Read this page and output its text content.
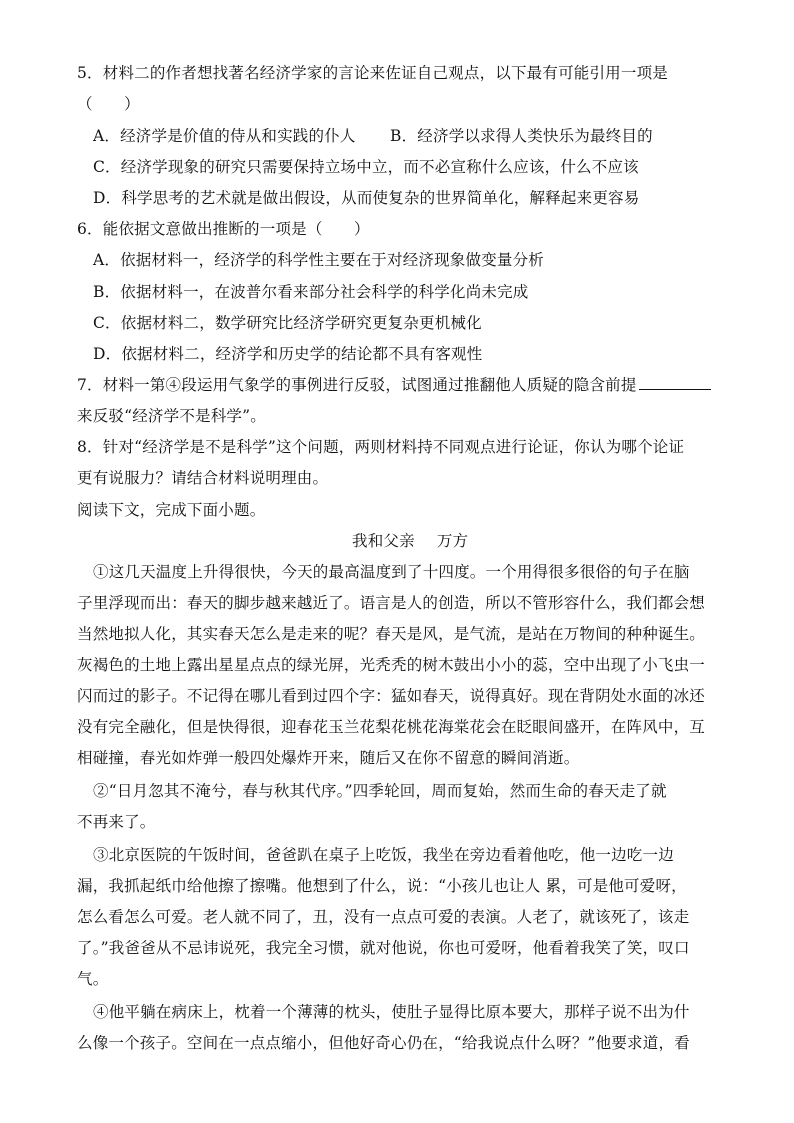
5．材料二的作者想找著名经济学家的言论来佐证自己观点，以下最有可能引用一项是
（　　）
A．经济学是价值的侍从和实践的仆人 B．经济学以求得人类快乐为最终目的
C．经济学现象的研究只需要保持立场中立，而不必宣称什么应该，什么不应该
D．科学思考的艺术就是做出假设，从而使复杂的世界简单化，解释起来更容易
6．能依据文意做出推断的一项是（　　）
A．依据材料一，经济学的科学性主要在于对经济现象做变量分析
B．依据材料一，在波普尔看来部分社会科学的科学化尚未完成
C．依据材料二，数学研究比经济学研究更复杂更机械化
D．依据材料二，经济学和历史学的结论都不具有客观性
7．材料一第④段运用气象学的事例进行反驳，试图通过推翻他人质疑的隐含前提
来反驳“经济学不是科学”。
8．针对“经济学是不是科学”这个问题，两则材料持不同观点进行论证，你认为哪个论证
更有说服力？请结合材料说明理由。
阅读下文，完成下面小题。
我和父亲 万方
①这几天温度上升得很快，今天的最高温度到了十四度。一个用得很多很俗的句子在脑
子里浮现而出：春天的脚步越来越近了。语言是人的创造，所以不管形容什么，我们都会想
当然地拟人化，其实春天怎么是走来的呢？春天是风，是气流，是站在万物间的种种诞生。
灰褐色的土地上露出星星点点的绿光屏，光秃秃的树木鼓出小小的蕊，空中出现了小飞虫一
闪而过的影子。不记得在哪儿看到过四个字：猛如春天，说得真好。现在背阴处水面的冰还
没有完全融化，但是快得很，迎春花玉兰花梨花桃花海棠花会在眨眼间盛开，在阵风中，互
相碰撞，春光如炸弹一般四处爆炸开来，随后又在你不留意的瞬间消逝。
②“日月忽其不淹兮，春与秋其代序。”四季轮回，周而复始，然而生命的春天走了就
不再来了。
③北京医院的午饭时间，爸爸趴在桌子上吃饭，我坐在旁边看着他吃，他一边吃一边
漏，我抓起纸巾给他擦了擦嘴。他想到了什么，说：“小孩儿也让人 累，可是他可爱呀，
怎么看怎么可爱。老人就不同了，丑，没有一点点可爱的表演。人老了，就该死了，该走
了。”我爸爸从不忌讳说死，我完全习惯，就对他说，你也可爱呀，他看着我笑了笑，叹口
气。
④他平躺在病床上，枕着一个薄薄的枕头，使肚子显得比原本要大，那样子说不出为什
么像一个孩子。空间在一点点缩小，但他好奇心仍在，“给我说点什么呀？”他要求道，看
